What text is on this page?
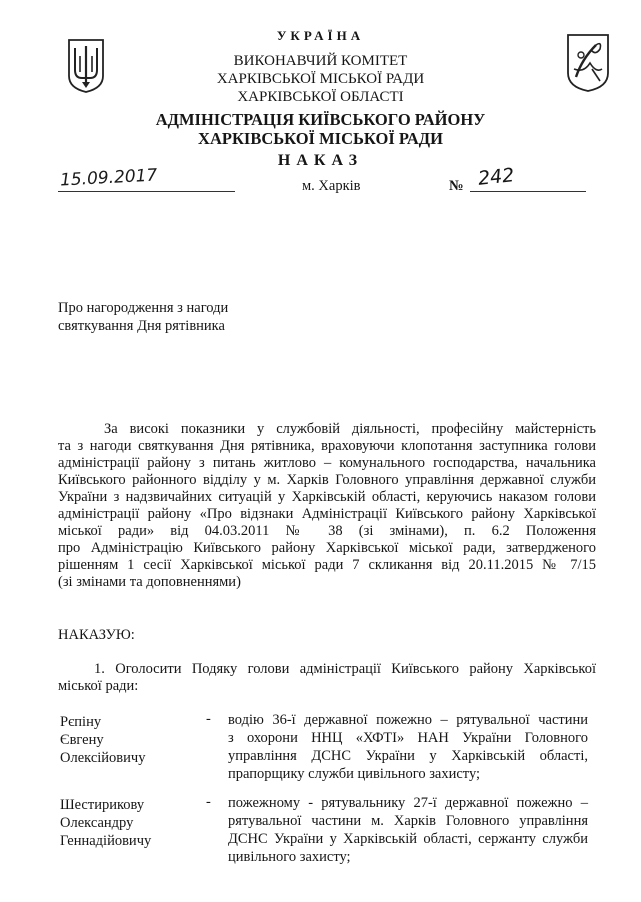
УКРАЇНА
ВИКОНАВЧИЙ КОМІТЕТ
ХАРКІВСЬКОЇ МІСЬКОЇ РАДИ
ХАРКІВСЬКОЇ ОБЛАСТІ
АДМІНІСТРАЦІЯ КИЇВСЬКОГО РАЙОНУ
ХАРКІВСЬКОЇ МІСЬКОЇ РАДИ
НАКАЗ
15.09.2017	м. Харків	№ 242
Про нагородження з нагоди
святкування Дня рятівника
За високі показники у службовій діяльності, професійну майстерність
та з нагоди святкування Дня рятівника, враховуючи клопотання заступника голови
адміністрації району з питань житлово – комунального господарства, начальника
Київського районного відділу у м. Харків Головного управління державної служби
України з надзвичайних ситуацій у Харківській області, керуючись наказом голови
адміністрації району «Про відзнаки Адміністрації Київського району Харківської
міської ради» від 04.03.2011 № 38 (зі змінами), п. 6.2 Положення
про Адміністрацію Київського району Харківської міської ради, затвердженого
рішенням 1 сесії Харківської міської ради 7 скликання від 20.11.2015 № 7/15
(зі змінами та доповненнями)
НАКАЗУЮ:
1. Оголосити Подяку голови адміністрації Київського району Харківської
міської ради:
Рєпіну
Євгену
Олексійовичу
- водію 36-ї державної пожежно – рятувальної частини
з охорони ННЦ «ХФТІ» НАН України Головного
управління ДСНС України у Харківській області,
прапорщику служби цивільного захисту;
Шестирикову
Олександру
Геннадійовичу
- пожежному - рятувальнику 27-ї державної пожежно –
рятувальної частини м. Харків Головного управління
ДСНС України у Харківській області, сержанту служби
цивільного захисту;
